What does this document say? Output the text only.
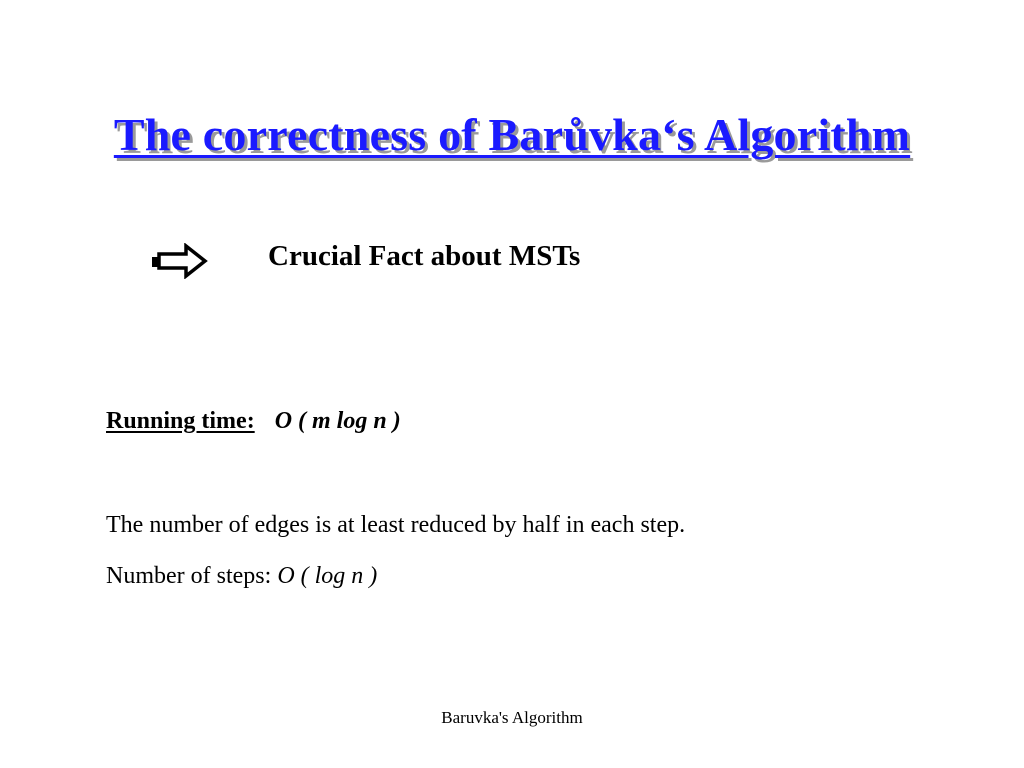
The correctness of Barůvka‘s Algorithm
Crucial Fact about MSTs
Running time: O ( m log n )
The number of edges is at least reduced by half in each step.
Number of steps: O ( log n )
Baruvka's Algorithm
